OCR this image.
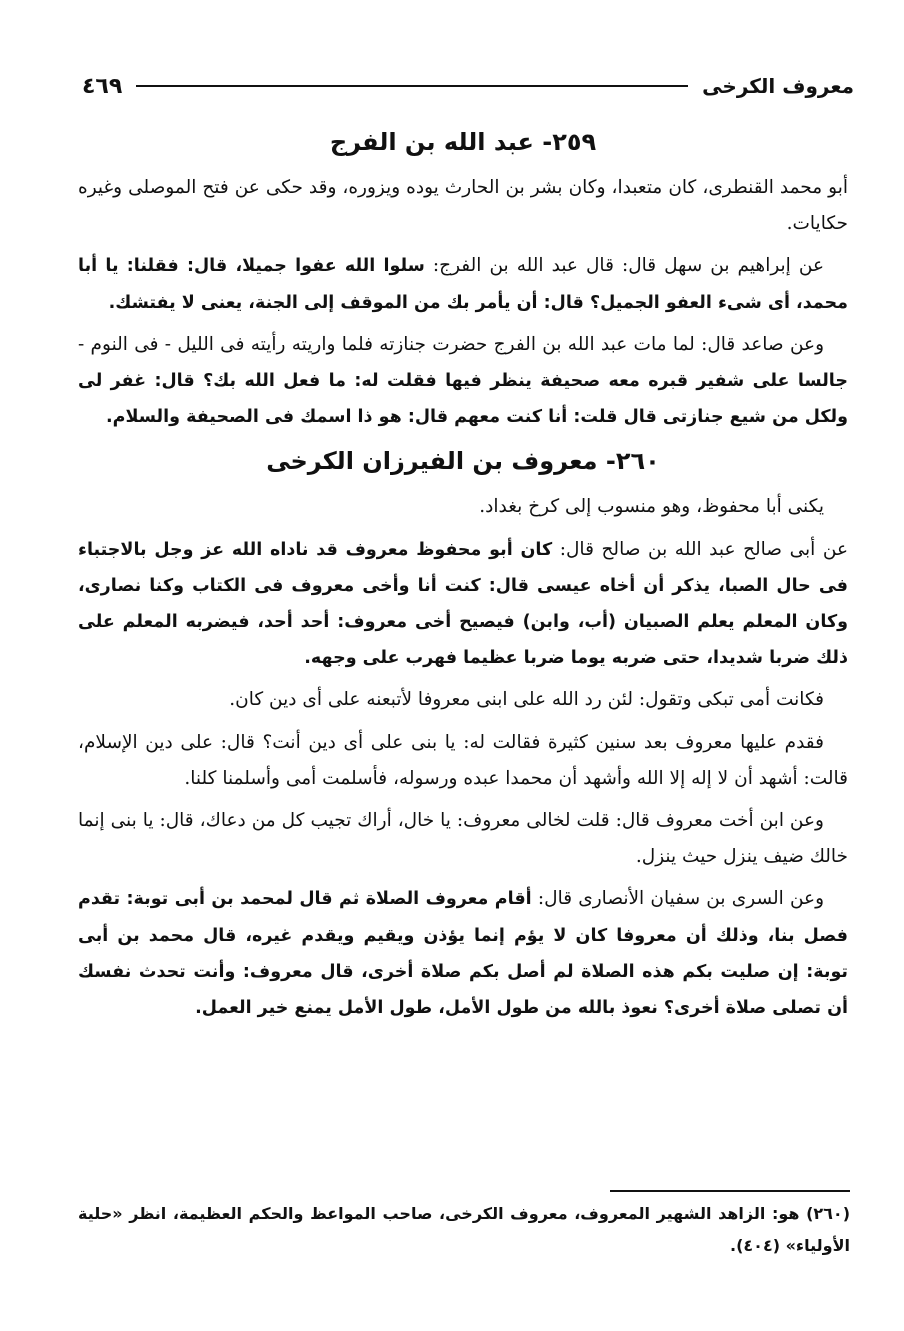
معروف الكرخى
٤٦٩
٢٥٩- عبد الله بن الفرج

أبو محمد القنطرى، كان متعبدا، وكان بشر بن الحارث يوده ويزوره، وقد حكى عن فتح الموصلى وغيره حكايات.

عن إبراهيم بن سهل قال: قال عبد الله بن الفرج: سلوا الله عفوا جميلا، قال: فقلنا: يا أبا محمد، أى شىء العفو الجميل؟ قال: أن يأمر بك من الموقف إلى الجنة، يعنى لا يفتشك.

وعن صاعد قال: لما مات عبد الله بن الفرج حضرت جنازته فلما واريته رأيته فى الليل - فى النوم - جالسا على شفير قبره معه صحيفة ينظر فيها فقلت له: ما فعل الله بك؟ قال: غفر لى ولكل من شيع جنازتى قال قلت: أنا كنت معهم قال: هو ذا اسمك فى الصحيفة والسلام.

٢٦٠- معروف بن الفيرزان الكرخى

يكنى أبا محفوظ، وهو منسوب إلى كرخ بغداد.

عن أبى صالح عبد الله بن صالح قال: كان أبو محفوظ معروف قد ناداه الله عز وجل بالاجتباء فى حال الصبا، يذكر أن أخاه عيسى قال: كنت أنا وأخى معروف فى الكتاب وكنا نصارى، وكان المعلم يعلم الصبيان (أب، وابن) فيصيح أخى معروف: أحد أحد، فيضربه المعلم على ذلك ضربا شديدا، حتى ضربه يوما ضربا عظيما فهرب على وجهه.

فكانت أمى تبكى وتقول: لئن رد الله على ابنى معروفا لأتبعنه على أى دين كان.

فقدم عليها معروف بعد سنين كثيرة فقالت له: يا بنى على أى دين أنت؟ قال: على دين الإسلام، قالت: أشهد أن لا إله إلا الله وأشهد أن محمدا عبده ورسوله، فأسلمت أمى وأسلمنا كلنا.

وعن ابن أخت معروف قال: قلت لخالى معروف: يا خال، أراك تجيب كل من دعاك، قال: يا بنى إنما خالك ضيف ينزل حيث ينزل.

وعن السرى بن سفيان الأنصارى قال: أقام معروف الصلاة ثم قال لمحمد بن أبى توبة: تقدم فصل بنا، وذلك أن معروفا كان لا يؤم إنما يؤذن ويقيم ويقدم غيره، قال محمد بن أبى توبة: إن صليت بكم هذه الصلاة لم أصل بكم صلاة أخرى، قال معروف: وأنت تحدث نفسك أن تصلى صلاة أخرى؟ نعوذ بالله من طول الأمل، طول الأمل يمنع خير العمل.

(٢٦٠) هو: الزاهد الشهير المعروف، معروف الكرخى، صاحب المواعظ والحكم العظيمة، انظر «حلية الأولياء» (٤٠٤).
